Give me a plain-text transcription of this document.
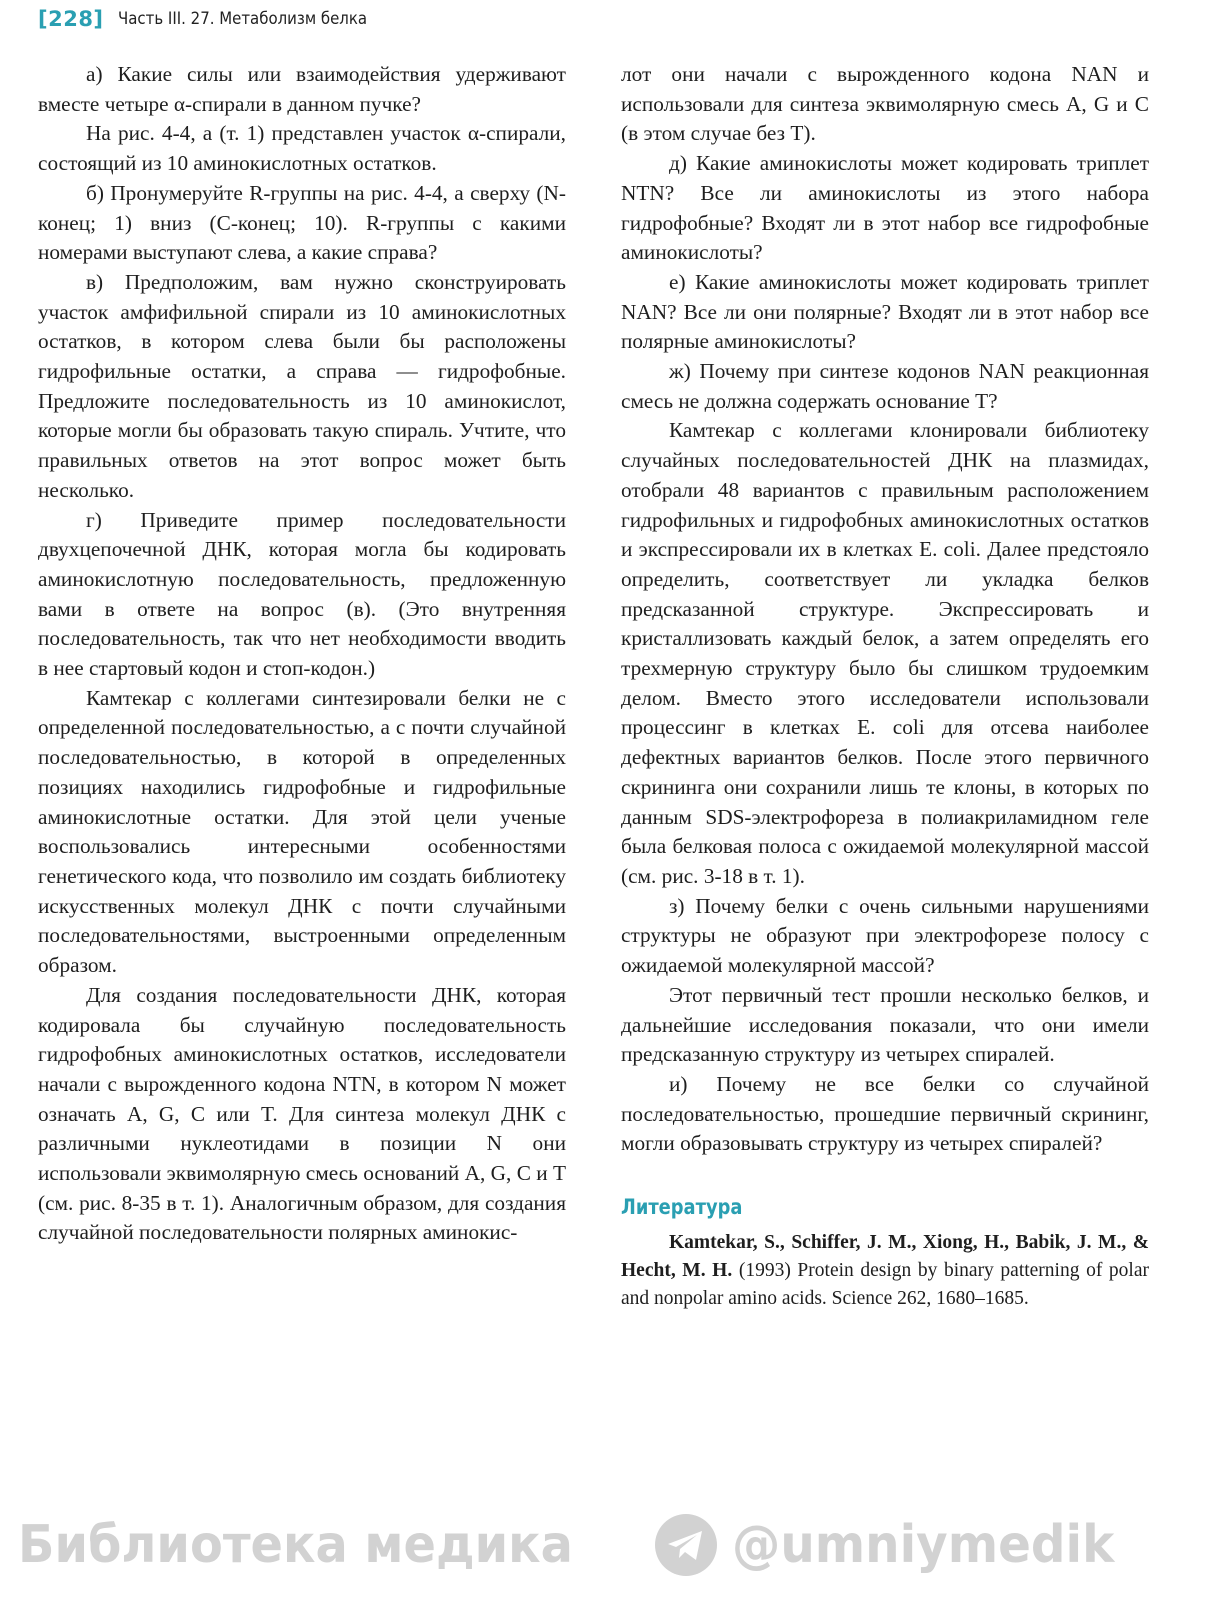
[228] Часть III. 27. Метаболизм белка

а) Какие силы или взаимодействия удерживают вместе четыре α-спирали в данном пучке?

На рис. 4-4, а (т. 1) представлен участок α-спирали, состоящий из 10 аминокислотных остатков.

б) Пронумеруйте R-группы на рис. 4-4, а сверху (N-конец; 1) вниз (С-конец; 10). R-группы с какими номерами выступают слева, а какие справа?

в) Предположим, вам нужно сконструировать участок амфифильной спирали из 10 аминокислотных остатков, в котором слева были бы расположены гидрофильные остатки, а справа — гидрофобные. Предложите последовательность из 10 аминокислот, которые могли бы образовать такую спираль. Учтите, что правильных ответов на этот вопрос может быть несколько.

г) Приведите пример последовательности двухцепочечной ДНК, которая могла бы кодировать аминокислотную последовательность, предложенную вами в ответе на вопрос (в). (Это внутренняя последовательность, так что нет необходимости вводить в нее стартовый кодон и стоп-кодон.)

Камтекар с коллегами синтезировали белки не с определенной последовательностью, а с почти случайной последовательностью, в которой в определенных позициях находились гидрофобные и гидрофильные аминокислотные остатки. Для этой цели ученые воспользовались интересными особенностями генетического кода, что позволило им создать библиотеку искусственных молекул ДНК с почти случайными последовательностями, выстроенными определенным образом.

Для создания последовательности ДНК, которая кодировала бы случайную последовательность гидрофобных аминокислотных остатков, исследователи начали с вырожденного кодона NTN, в котором N может означать A, G, C или T. Для синтеза молекул ДНК с различными нуклеотидами в позиции N они использовали эквимолярную смесь оснований A, G, C и T (см. рис. 8-35 в т. 1). Аналогичным образом, для создания случайной последовательности полярных аминокис-

лот они начали с вырожденного кодона NAN и использовали для синтеза эквимолярную смесь A, G и C (в этом случае без T).

д) Какие аминокислоты может кодировать триплет NTN? Все ли аминокислоты из этого набора гидрофобные? Входят ли в этот набор все гидрофобные аминокислоты?

е) Какие аминокислоты может кодировать триплет NAN? Все ли они полярные? Входят ли в этот набор все полярные аминокислоты?

ж) Почему при синтезе кодонов NAN реакционная смесь не должна содержать основание T?

Камтекар с коллегами клонировали библиотеку случайных последовательностей ДНК на плазмидах, отобрали 48 вариантов с правильным расположением гидрофильных и гидрофобных аминокислотных остатков и экспрессировали их в клетках E. coli. Далее предстояло определить, соответствует ли укладка белков предсказанной структуре. Экспрессировать и кристаллизовать каждый белок, а затем определять его трехмерную структуру было бы слишком трудоемким делом. Вместо этого исследователи использовали процессинг в клетках E. coli для отсева наиболее дефектных вариантов белков. После этого первичного скрининга они сохранили лишь те клоны, в которых по данным SDS-электрофореза в полиакриламидном геле была белковая полоса с ожидаемой молекулярной массой (см. рис. 3-18 в т. 1).

з) Почему белки с очень сильными нарушениями структуры не образуют при электрофорезе полосу с ожидаемой молекулярной массой?

Этот первичный тест прошли несколько белков, и дальнейшие исследования показали, что они имели предсказанную структуру из четырех спиралей.

и) Почему не все белки со случайной последовательностью, прошедшие первичный скрининг, могли образовывать структуру из четырех спиралей?

Литература

Kamtekar, S., Schiffer, J. M., Xiong, H., Babik, J. M., & Hecht, M. H. (1993) Protein design by binary patterning of polar and nonpolar amino acids. Science 262, 1680–1685.

Библиотека медика	@umniymedik
